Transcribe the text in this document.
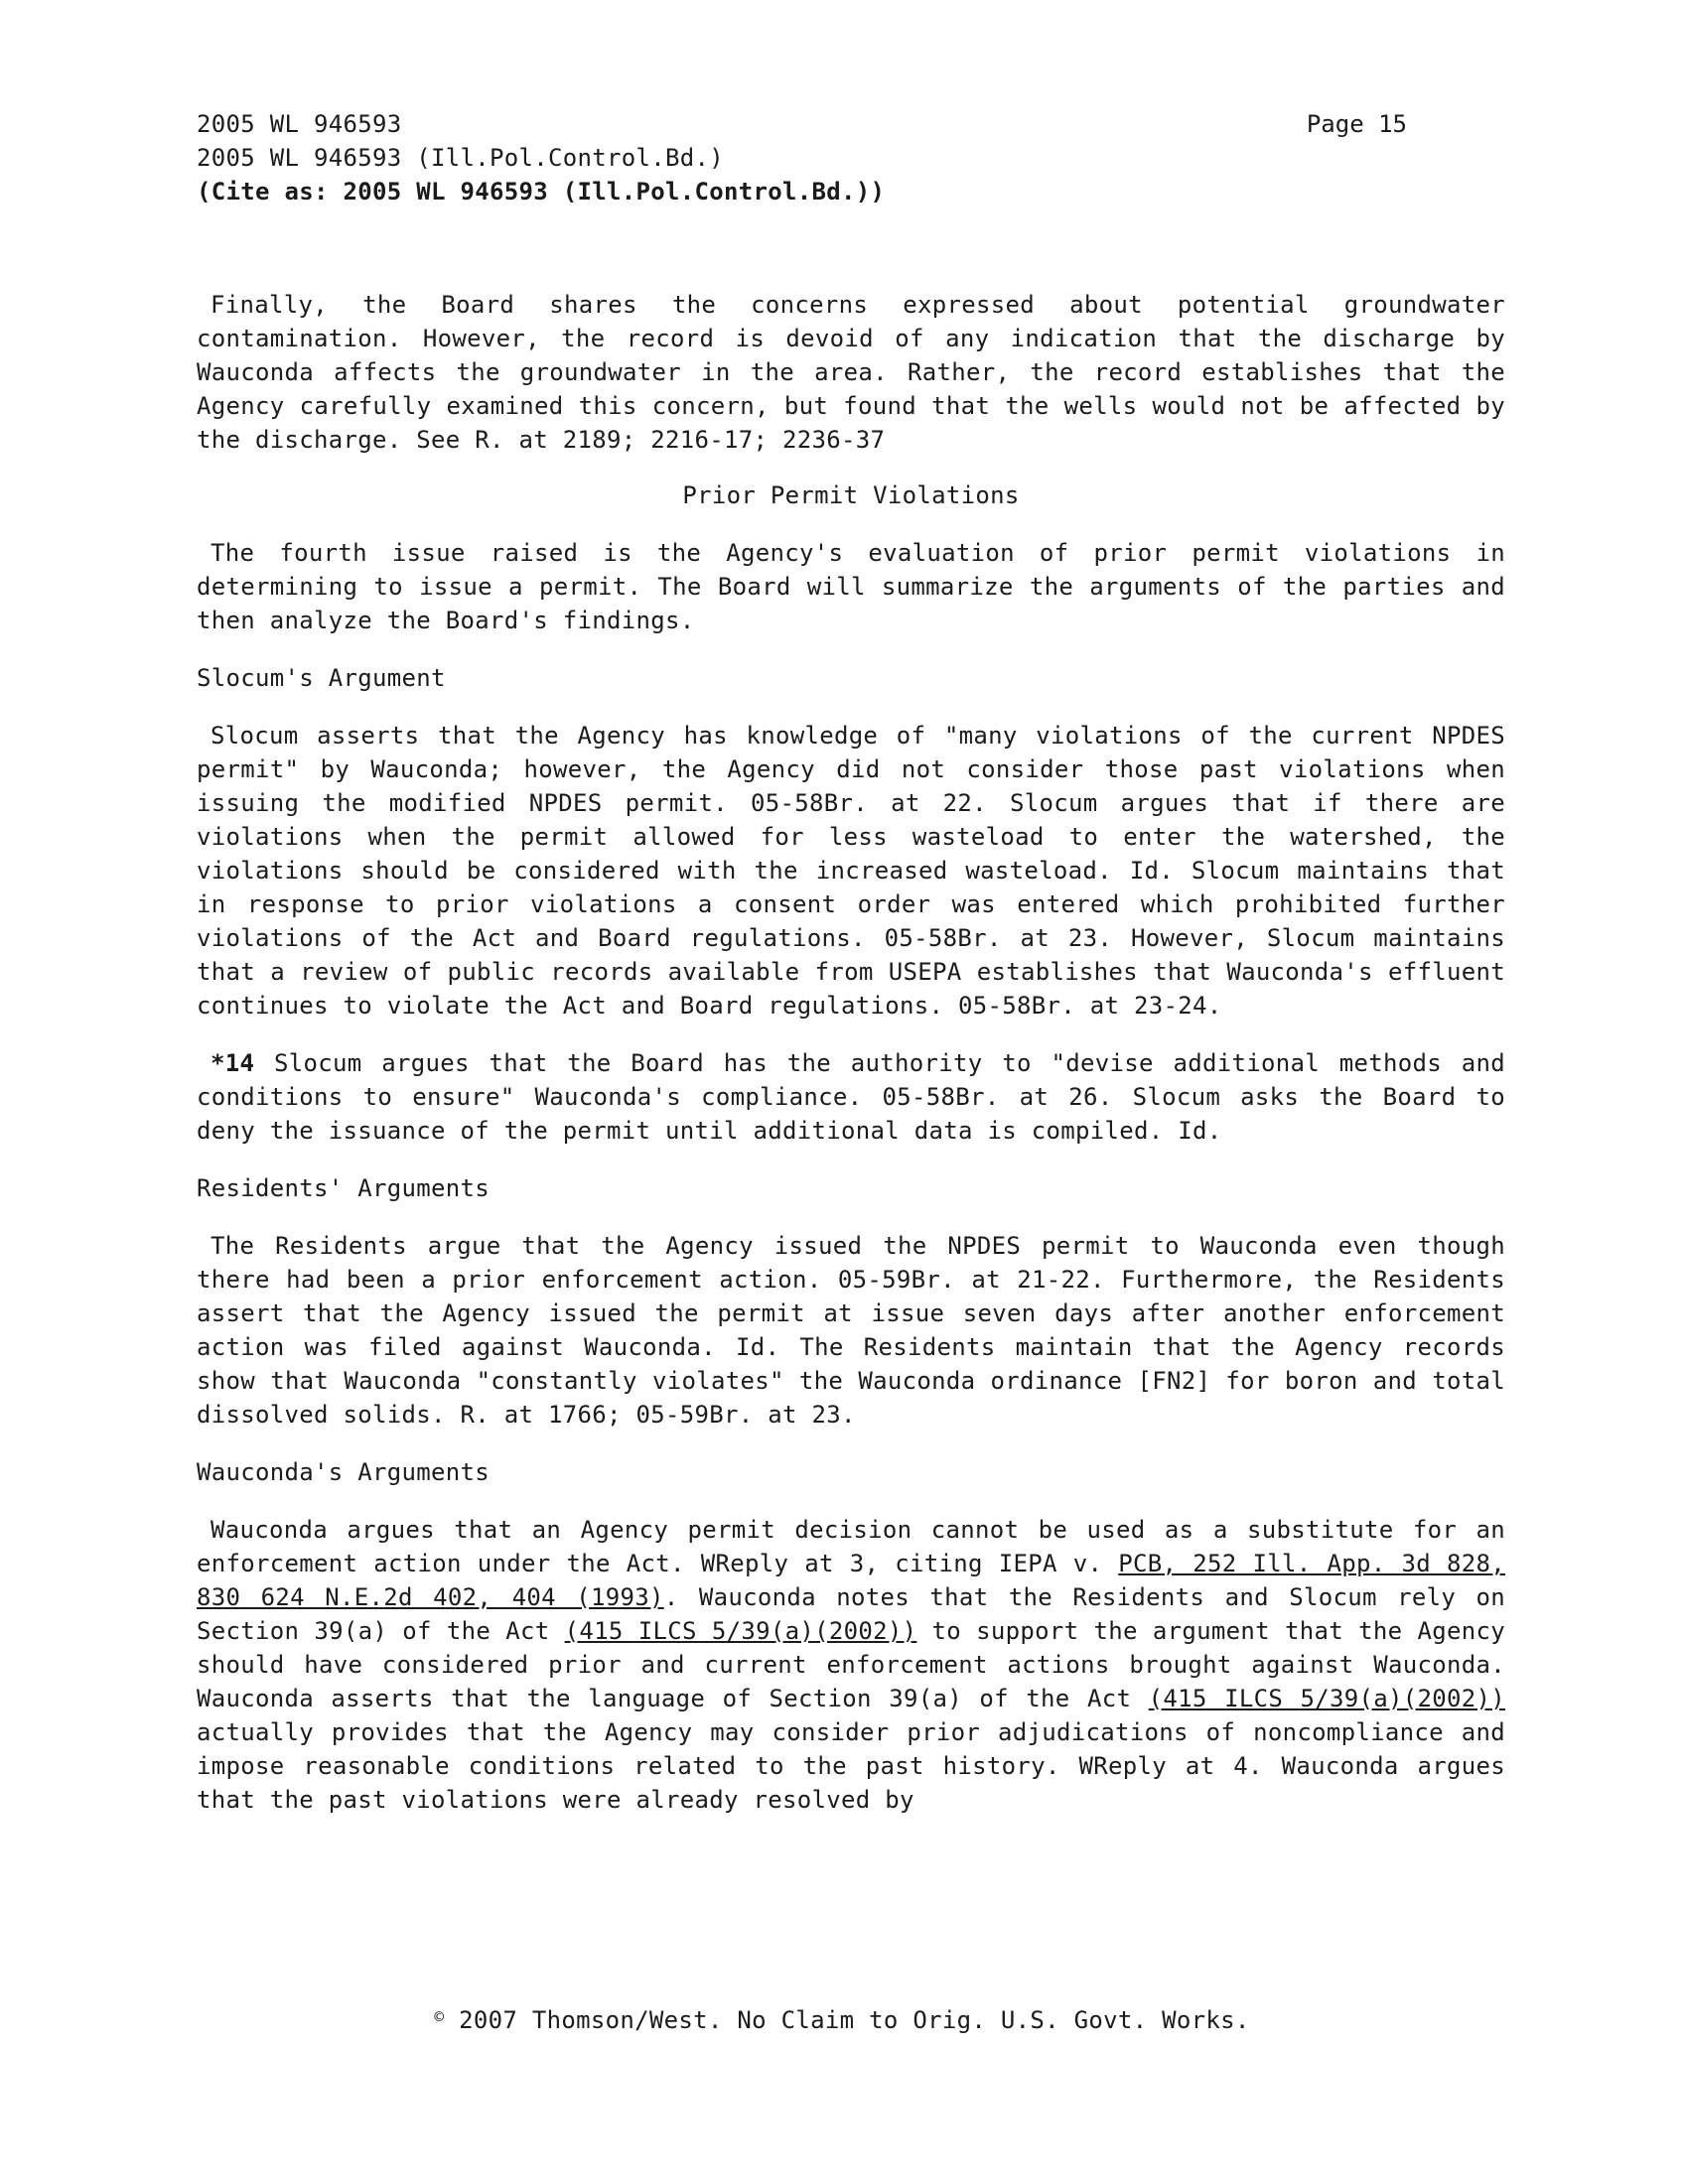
2005 WL 946593
2005 WL 946593 (Ill.Pol.Control.Bd.)
(Cite as: 2005 WL 946593 (Ill.Pol.Control.Bd.))
Page 15

Finally, the Board shares the concerns expressed about potential groundwater contamination. However, the record is devoid of any indication that the discharge by Wauconda affects the groundwater in the area. Rather, the record establishes that the Agency carefully examined this concern, but found that the wells would not be affected by the discharge. See R. at 2189; 2216-17; 2236-37

Prior Permit Violations

The fourth issue raised is the Agency's evaluation of prior permit violations in determining to issue a permit. The Board will summarize the arguments of the parties and then analyze the Board's findings.

Slocum's Argument

Slocum asserts that the Agency has knowledge of "many violations of the current NPDES permit" by Wauconda; however, the Agency did not consider those past violations when issuing the modified NPDES permit. 05-58Br. at 22. Slocum argues that if there are violations when the permit allowed for less wasteload to enter the watershed, the violations should be considered with the increased wasteload. Id. Slocum maintains that in response to prior violations a consent order was entered which prohibited further violations of the Act and Board regulations. 05-58Br. at 23. However, Slocum maintains that a review of public records available from USEPA establishes that Wauconda's effluent continues to violate the Act and Board regulations. 05-58Br. at 23-24.

*14 Slocum argues that the Board has the authority to "devise additional methods and conditions to ensure" Wauconda's compliance. 05-58Br. at 26. Slocum asks the Board to deny the issuance of the permit until additional data is compiled. Id.

Residents' Arguments

The Residents argue that the Agency issued the NPDES permit to Wauconda even though there had been a prior enforcement action. 05-59Br. at 21-22. Furthermore, the Residents assert that the Agency issued the permit at issue seven days after another enforcement action was filed against Wauconda. Id. The Residents maintain that the Agency records show that Wauconda "constantly violates" the Wauconda ordinance [FN2] for boron and total dissolved solids. R. at 1766; 05-59Br. at 23.

Wauconda's Arguments

Wauconda argues that an Agency permit decision cannot be used as a substitute for an enforcement action under the Act. WReply at 3, citing IEPA v. PCB, 252 Ill. App. 3d 828, 830 624 N.E.2d 402, 404 (1993). Wauconda notes that the Residents and Slocum rely on Section 39(a) of the Act (415 ILCS 5/39(a)(2002)) to support the argument that the Agency should have considered prior and current enforcement actions brought against Wauconda. Wauconda asserts that the language of Section 39(a) of the Act (415 ILCS 5/39(a)(2002)) actually provides that the Agency may consider prior adjudications of noncompliance and impose reasonable conditions related to the past history. WReply at 4. Wauconda argues that the past violations were already resolved by

© 2007 Thomson/West. No Claim to Orig. U.S. Govt. Works.
